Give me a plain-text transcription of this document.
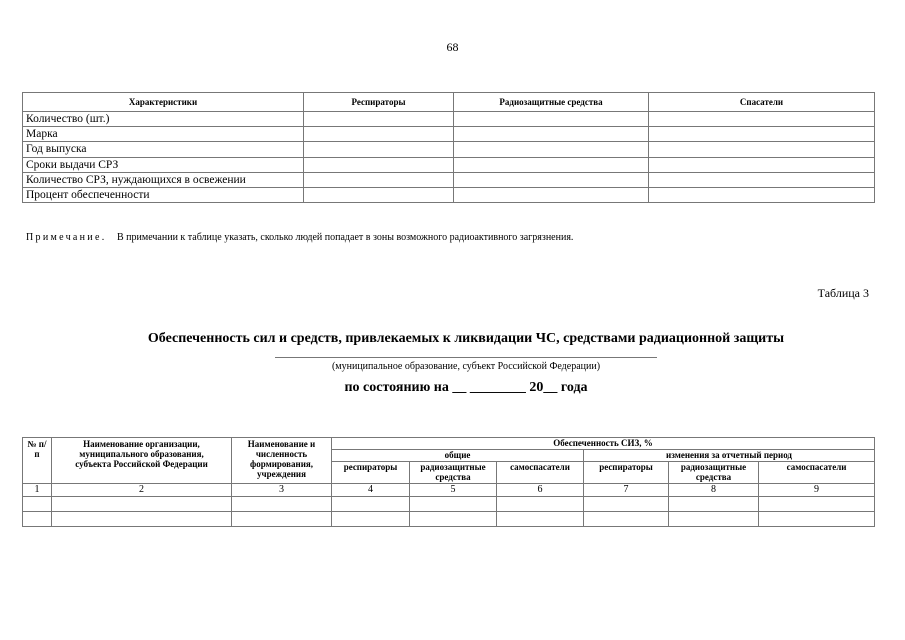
68
Характеристики	Респираторы	Радиозащитные средства	Спасатели
Количество (шт.)			
Марка			
Год выпуска			
Сроки выдачи СРЗ			
Количество СРЗ, нуждающихся в освежении			
Процент обеспеченности			
Примечание. В примечании к таблице указать, сколько людей попадает в зоны возможного радиоактивного загрязнения.
Таблица 3
Обеспеченность сил и средств, привлекаемых к ликвидации ЧС, средствами радиационной защиты
(муниципальное образование, субъект Российской Федерации)
по состоянию на __ ________ 20__ года
№ п/п	Наименование организации, муниципального образования, субъекта Российской Федерации	Наименование и численность формирования, учреждения	Обеспеченность СИЗ, %					
			общие			изменения за отчетный период		
			респираторы	радиозащитные средства	самоспасатели	респираторы	радиозащитные средства	самоспасатели
1	2	3	4	5	6	7	8	9
